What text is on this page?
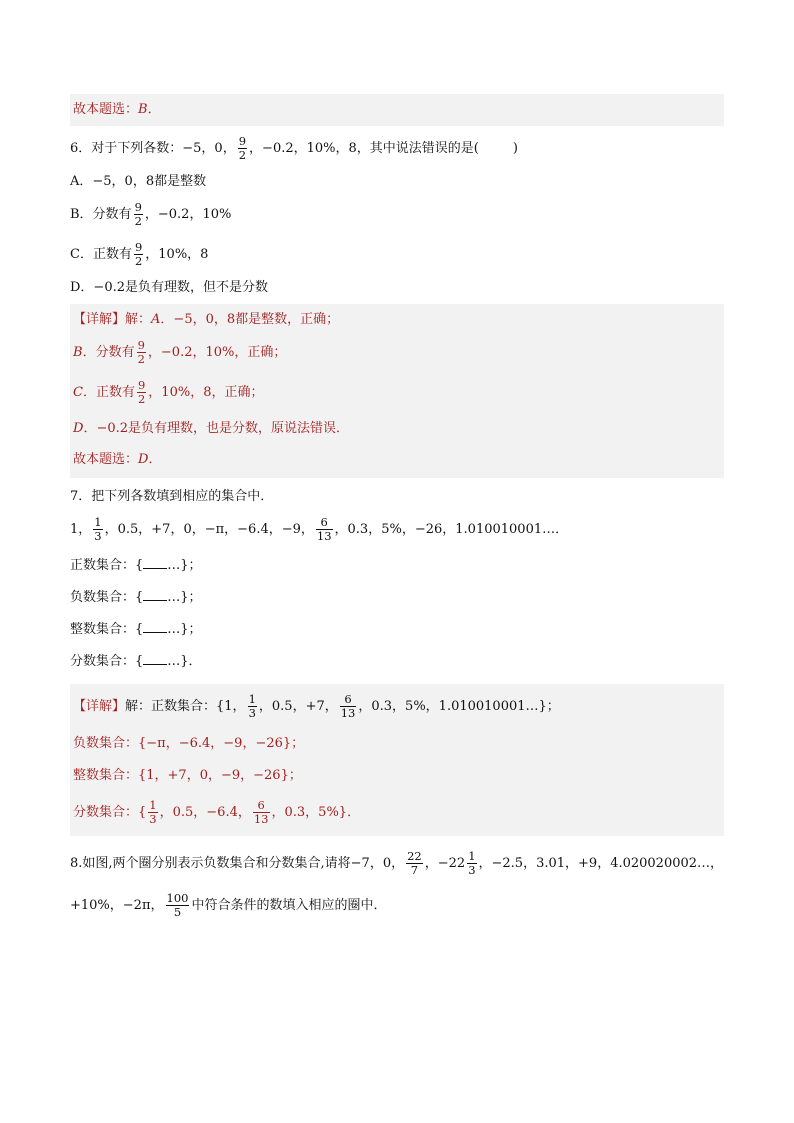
故本题选：B．
6．对于下列各数：−5，0， $\frac{9}{2}$ ，−0.2，10%，8，其中说法错误的是(	)
A．−5，0，8都是整数
B．分数有 $\frac{9}{2}$ ，−0.2，10%
C．正数有 $\frac{9}{2}$ ，10%，8
D．−0.2是负有理数，但不是分数
【详解】解：A．−5，0，8都是整数，正确；
B．分数有 $\frac{9}{2}$ ，−0.2，10%，正确；
C．正数有 $\frac{9}{2}$ ，10%，8，正确；
D．−0.2是负有理数，也是分数，原说法错误．
故本题选：D．
7．把下列各数填到相应的集合中．
1， $\frac{1}{3}$ ，0.5，+7，0，−π，−6.4，−9， $\frac{6}{13}$ ，0.3，5%，−26，1.010010001…．
正数集合：{ …}；
负数集合：{ …}；
整数集合：{ …}；
分数集合：{ …}．
【详解】解：正数集合：{1， $\frac{1}{3}$ ，0.5，+7， $\frac{6}{13}$ ，0.3，5%，1.010010001…}；
负数集合：{−π，−6.4，−9，−26}；
整数集合：{1，+7，0，−9，−26}；
分数集合：{ $\frac{1}{3}$ ，0.5，−6.4， $\frac{6}{13}$ ，0.3，5%}．
8.如图,两个圈分别表示负数集合和分数集合,请将−7，0， $\frac{22}{7}$ ，$-22 \frac{1}{3}$ ，−2.5̇，3.01，+9，4.020020002…，
+10%，−2π， $\frac{100}{5}$ 中符合条件的数填入相应的圈中．
